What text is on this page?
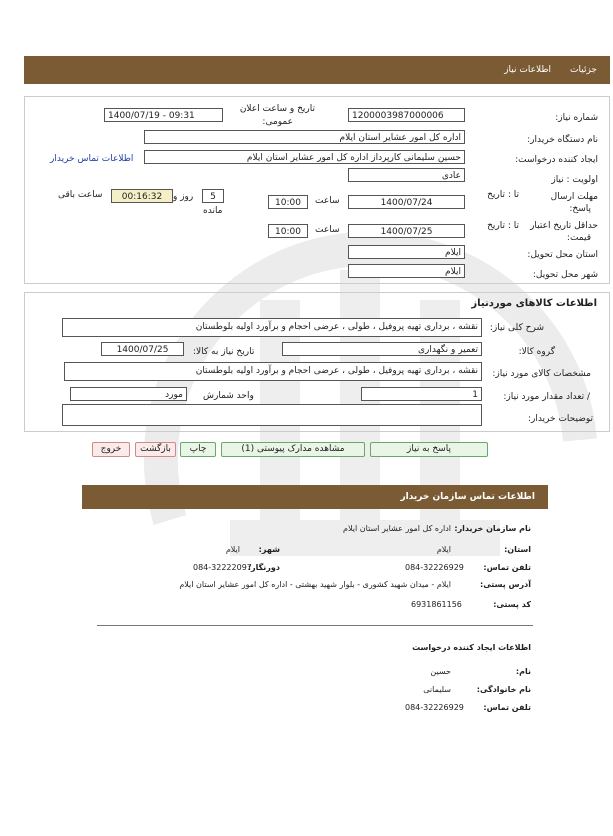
جزئیات
اطلاعات نیاز
شماره نیاز:
1200003987000006
تاریخ و ساعت اعلان
عمومی:
1400/07/19 - 09:31
نام دستگاه خریدار:
اداره کل امور عشایر استان ایلام
ایجاد کننده درخواست:
حسین سلیمانی کارپرداز اداره کل امور عشایر استان ایلام
اطلاعات تماس خریدار
اولویت : نیاز
عادی
مهلت ارسال
پاسخ:
تا : تاریخ
1400/07/24
ساعت
10:00
5
روز و
مانده
00:16:32
ساعت باقی
حداقل تاریخ اعتبار
قیمت:
تا : تاریخ
1400/07/25
ساعت
10:00
استان محل تحویل:
ایلام
شهر محل تحویل:
ایلام
اطلاعات کالاهای موردنیاز
شرح کلی نیاز:
نقشه ، برداری تهیه پروفیل ، طولی ، عرضی احجام و برآورد اولیه بلوطستان
گروه کالا:
تعمیر و نگهداری
تاریخ نیاز به کالا:
1400/07/25
مشخصات کالای مورد نیاز:
نقشه ، برداری تهیه پروفیل ، طولی ، عرضی احجام و برآورد اولیه بلوطستان
/ تعداد مقدار مورد نیاز:
1
واحد شمارش
مورد
توضیحات خریدار:
پاسخ به نیاز
مشاهده مدارک پیوستی (1)
چاپ
بازگشت
خروج
اطلاعات تماس سازمان خریدار
نام سازمان خریدار:
اداره کل امور عشایر استان ایلام
استان:
ایلام
شهر:
ایلام
تلفن تماس:
084-32226929
دورنگار:
084-32222097
آدرس پستی:
ایلام - میدان شهید کشوری - بلوار شهید بهشتی - اداره کل امور عشایر استان ایلام
کد پستی:
6931861156
اطلاعات ایجاد کننده درخواست
نام:
حسین
نام خانوادگی:
سلیمانی
تلفن تماس:
084-32226929
